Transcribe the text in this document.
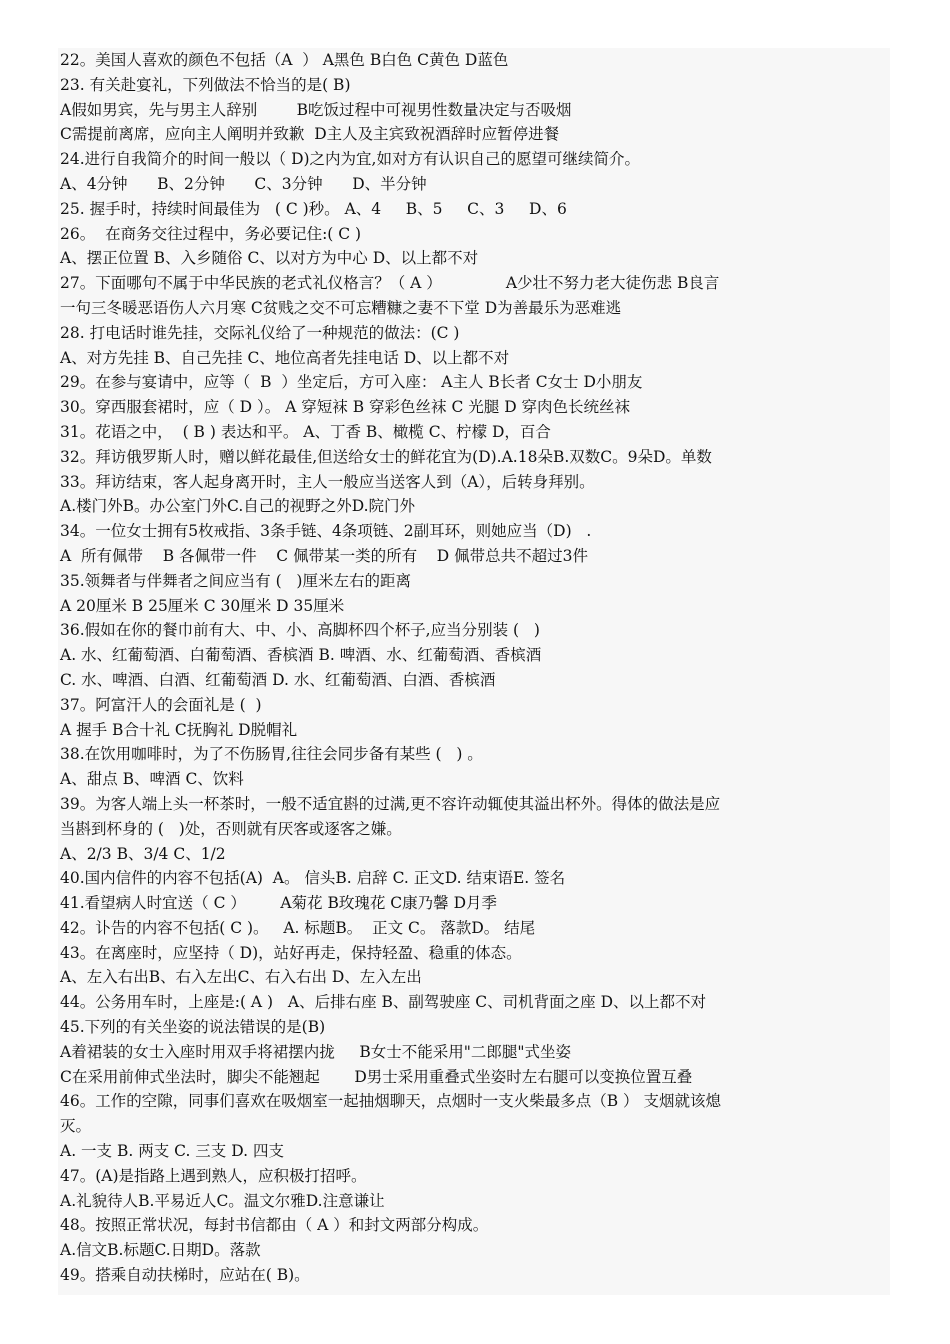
22。美国人喜欢的颜色不包括（A  ） A黑色 B白色 C黄色 D蓝色
23. 有关赴宴礼，下列做法不恰当的是( B)
A假如男宾，先与男主人辞别        B吃饭过程中可视男性数量决定与否吸烟
C需提前离席，应向主人阐明并致歉  D主人及主宾致祝酒辞时应暂停进餐
24.进行自我简介的时间一般以（ D)之内为宜,如对方有认识自己的愿望可继续简介。
A、4分钟      B、2分钟      C、3分钟      D、半分钟
25. 握手时，持续时间最佳为   ( C )秒。 A、4     B、5     C、3     D、6
26。  在商务交往过程中，务必要记住:( C )
A、摆正位置 B、入乡随俗 C、以对方为中心 D、以上都不对
27。下面哪句不属于中华民族的老式礼仪格言？（ A ）             A少壮不努力老大徒伤悲 B良言
一句三冬暖恶语伤人六月寒 C贫贱之交不可忘糟糠之妻不下堂 D为善最乐为恶难逃
28. 打电话时谁先挂，交际礼仪给了一种规范的做法：(C )
A、对方先挂 B、自己先挂 C、地位高者先挂电话 D、以上都不对
29。在参与宴请中，应等（  B  ）坐定后，方可入座： A主人 B长者 C女士 D小朋友
30。穿西服套裙时，应（ D ）。 A 穿短袜 B 穿彩色丝袜 C 光腿 D 穿肉色长统丝袜
31。花语之中，  ( B ) 表达和平。 A、丁香 B、橄榄 C、柠檬 D，百合
32。拜访俄罗斯人时，赠以鲜花最佳,但送给女士的鲜花宜为(D).A.18朵B.双数C。9朵D。单数
33。拜访结束，客人起身离开时，主人一般应当送客人到（A），后转身拜别。
A.楼门外B。办公室门外C.自己的视野之外D.院门外
34。一位女士拥有5枚戒指、3条手链、4条项链、2副耳环，则她应当（D)   .
A  所有佩带    B 各佩带一件    C 佩带某一类的所有    D 佩带总共不超过3件
35.领舞者与伴舞者之间应当有 (   )厘米左右的距离
A 20厘米 B 25厘米 C 30厘米 D 35厘米
36.假如在你的餐巾前有大、中、小、高脚杯四个杯子,应当分别装 (   )
A. 水、红葡萄酒、白葡萄酒、香槟酒 B. 啤酒、水、红葡萄酒、香槟酒
C. 水、啤酒、白酒、红葡萄酒 D. 水、红葡萄酒、白酒、香槟酒
37。阿富汗人的会面礼是 (  )
A 握手 B合十礼 C抚胸礼 D脱帽礼
38.在饮用咖啡时，为了不伤肠胃,往往会同步备有某些 (   ) 。
A、甜点 B、啤酒 C、饮料
39。为客人端上头一杯茶时，一般不适宜斟的过满,更不容许动辄使其溢出杯外。得体的做法是应
当斟到杯身的 (   )处，否则就有厌客或逐客之嫌。
A、2/3 B、3/4 C、1/2
40.国内信件的内容不包括(A)  A。 信头B. 启辞 C. 正文D. 结束语E. 签名
41.看望病人时宜送（ C ）       A菊花 B玫瑰花 C康乃馨 D月季
42。讣告的内容不包括( C )。   A. 标题B。  正文 C。 落款D。 结尾
43。在离座时，应坚持（ D)，站好再走，保持轻盈、稳重的体态。
A、左入右出B、右入左出C、右入右出 D、左入左出
44。公务用车时，上座是:( A )   A、后排右座 B、副驾驶座 C、司机背面之座 D、以上都不对
45.下列的有关坐姿的说法错误的是(B)
A着裙装的女士入座时用双手将裙摆内拢     B女士不能采用"二郎腿"式坐姿
C在采用前伸式坐法时，脚尖不能翘起       D男士采用重叠式坐姿时左右腿可以变换位置互叠
46。工作的空隙，同事们喜欢在吸烟室一起抽烟聊天，点烟时一支火柴最多点（B ） 支烟就该熄
灭。
A. 一支 B. 两支 C. 三支 D. 四支
47。(A)是指路上遇到熟人，应积极打招呼。
A.礼貌待人B.平易近人C。温文尔雅D.注意谦让
48。按照正常状况，每封书信都由（ A ）和封文两部分构成。
A.信文B.标题C.日期D。落款
49。搭乘自动扶梯时，应站在( B)。
